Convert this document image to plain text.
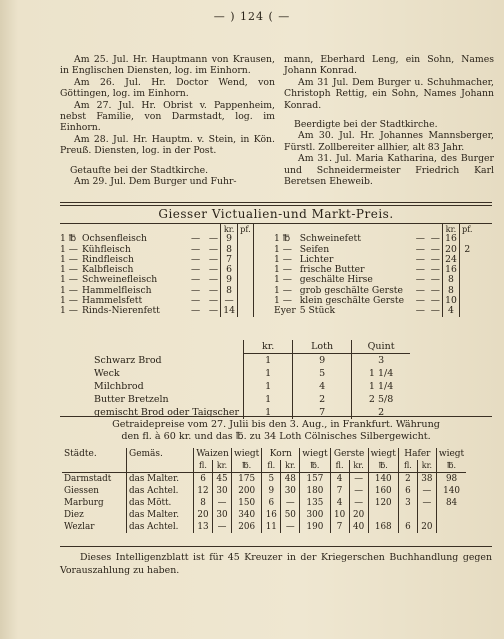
— ) 124 ( —

Am 25. Jul. Hr. Hauptmann von Krausen, in Englischen Diensten, log. im Einhorn.

Am 26. Jul. Hr. Doctor Wend, von Göttingen, log. im Einhorn.

Am 27. Jul. Hr. Obrist v. Pappenheim, nebst Familie, von Darmstadt, log. im Einhorn.

Am 28. Jul. Hr. Hauptm. v. Stein, in Kön. Preuß. Diensten, log. in der Post.

Getaufte bei der Stadtkirche.

Am 29. Jul. Dem Burger und Fuhr-

mann, Eberhard Leng, ein Sohn, Names Johann Konrad.

Am 31 Jul. Dem Burger u. Schuhmacher, Christoph Rettig, ein Sohn, Names Johann Konrad.

Beerdigte bei der Stadtkirche.

Am 30. Jul. Hr. Johannes Mannsberger, Fürstl. Zollbereiter allhier, alt 83 Jahr.

Am 31. Jul. Maria Katharina, des Burger und Schneidermeister Friedrich Karl Beretsen Eheweib.

Giesser Victualien-und Markt-Preis.
			kr.	pf.
1 ℔	Ochsenfleisch	—   —	9	
1 —	Kühfleisch	—   —	8	
1 —	Rindfleisch	—   —	7	
1 —	Kalbfleisch	—   —	6	
1 —	Schweinefleisch	—   —	9	
1 —	Hammelfleisch	—   —	8	
1 —	Hammelsfett	—   —	—	
1 —	Rinds-Nierenfett	—   —	14	
			kr.	pf.
1 ℔	Schweinefett	—  —	16	
1 —	Seifen	—  —	20	2
1 —	Lichter	—  —	24	
1 —	frische Butter	—  —	16	
1 —	geschälte Hirse	—  —	8	
1 —	grob geschälte Gerste	—  —	8	
1 —	klein geschälte Gerste	—  —	10	
Eyer	5 Stück	—  —	4	
	kr.	Loth	Quint
Schwarz Brod	1	9	3
Weck	1	5	1 1/4
Milchbrod	1	4	1 1/4
Butter Bretzeln	1	2	2 5/8
gemischt Brod oder Taigscher	1	7	2
Getraidepreise vom 27. Julii bis den 3. Aug., in Frankfurt. Währung
den fl. à 60 kr. und das ℔. zu 34 Loth Cölnisches Silbergewicht.
Städte.	Gemäs.	Waizen		wiegt	Korn		wiegt	Gerste		wiegt	Hafer		wiegt
		fl.	kr.	℔.	fl.	kr.	℔.	fl.	kr.	℔.	fl.	kr.	℔.
Darmstadt	das Malter.	6	45	175	5	48	157	4	—	140	2	38	98
Giessen	das Achtel.	12	30	200	9	30	180	7	—	160	6	—	140
Marburg	das Mött.	8	—	150	6	—	135	4	—	120	3	—	84
Diez	das Malter.	20	30	340	16	50	300	10	20				
Wezlar	das Achtel.	13	—	206	11	—	190	7	40	168	6	20	
Dieses Intelligenzblatt ist für 45 Kreuzer in der Kriegerschen Buchhandlung gegen Vorauszahlung zu haben.
